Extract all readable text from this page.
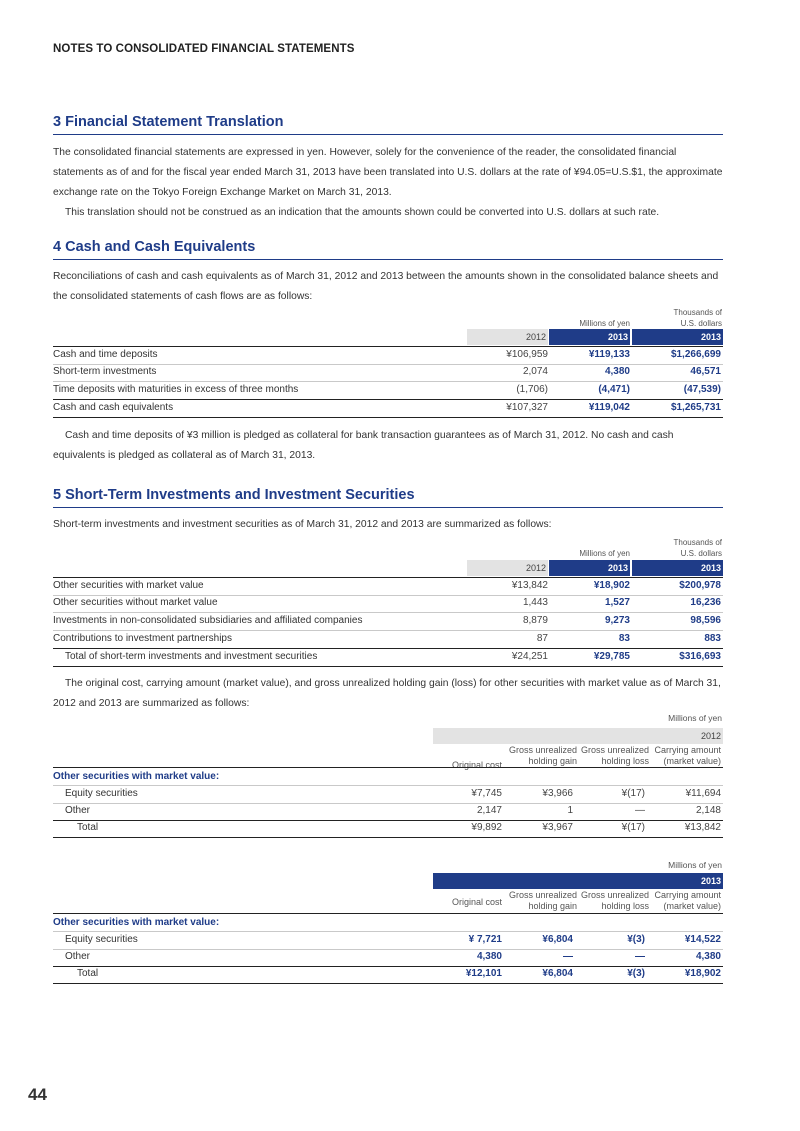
NOTES TO CONSOLIDATED FINANCIAL STATEMENTS
3 Financial Statement Translation

The consolidated financial statements are expressed in yen. However, solely for the convenience of the reader, the consolidated financial statements as of and for the fiscal year ended March 31, 2013 have been translated into U.S. dollars at the rate of ¥94.05=U.S.$1, the approximate exchange rate on the Tokyo Foreign Exchange Market on March 31, 2013.

This translation should not be construed as an indication that the amounts shown could be converted into U.S. dollars at such rate.

4 Cash and Cash Equivalents

Reconciliations of cash and cash equivalents as of March 31, 2012 and 2013 between the amounts shown in the consolidated balance sheets and the consolidated statements of cash flows are as follows:

Millions of yen
Thousands of
U.S. dollars
2012	2013	2013
Cash and time deposits	¥106,959	¥119,133	$1,266,699
Short-term investments	2,074	4,380	46,571
Time deposits with maturities in excess of three months	(1,706)	(4,471)	(47,539)
Cash and cash equivalents	¥107,327	¥119,042	$1,265,731

Cash and time deposits of ¥3 million is pledged as collateral for bank transaction guarantees as of March 31, 2012. No cash and cash equivalents is pledged as collateral as of March 31, 2013.

5 Short-Term Investments and Investment Securities

Short-term investments and investment securities as of March 31, 2012 and 2013 are summarized as follows:

Millions of yen
Thousands of
U.S. dollars
2012	2013	2013
Other securities with market value	¥13,842	¥18,902	$200,978
Other securities without market value	1,443	1,527	16,236
Investments in non-consolidated subsidiaries and affiliated companies	8,879	9,273	98,596
Contributions to investment partnerships	87	83	883
Total of short-term investments and investment securities	¥24,251	¥29,785	$316,693

The original cost, carrying amount (market value), and gross unrealized holding gain (loss) for other securities with market value as of March 31, 2012 and 2013 are summarized as follows:

Millions of yen
2012
Original cost
Gross unrealized
holding gain
Gross unrealized
holding loss
Carrying amount
(market value)
Other securities with market value:
Equity securities	¥7,745	¥3,966	¥(17)	¥11,694
Other	2,147	1	—	2,148
Total	¥9,892	¥3,967	¥(17)	¥13,842
Millions of yen
2013
Original cost
Gross unrealized
holding gain
Gross unrealized
holding loss
Carrying amount
(market value)
Other securities with market value:
Equity securities	¥ 7,721	¥6,804	¥(3)	¥14,522
Other	4,380	—	—	4,380
Total	¥12,101	¥6,804	¥(3)	¥18,902
44
